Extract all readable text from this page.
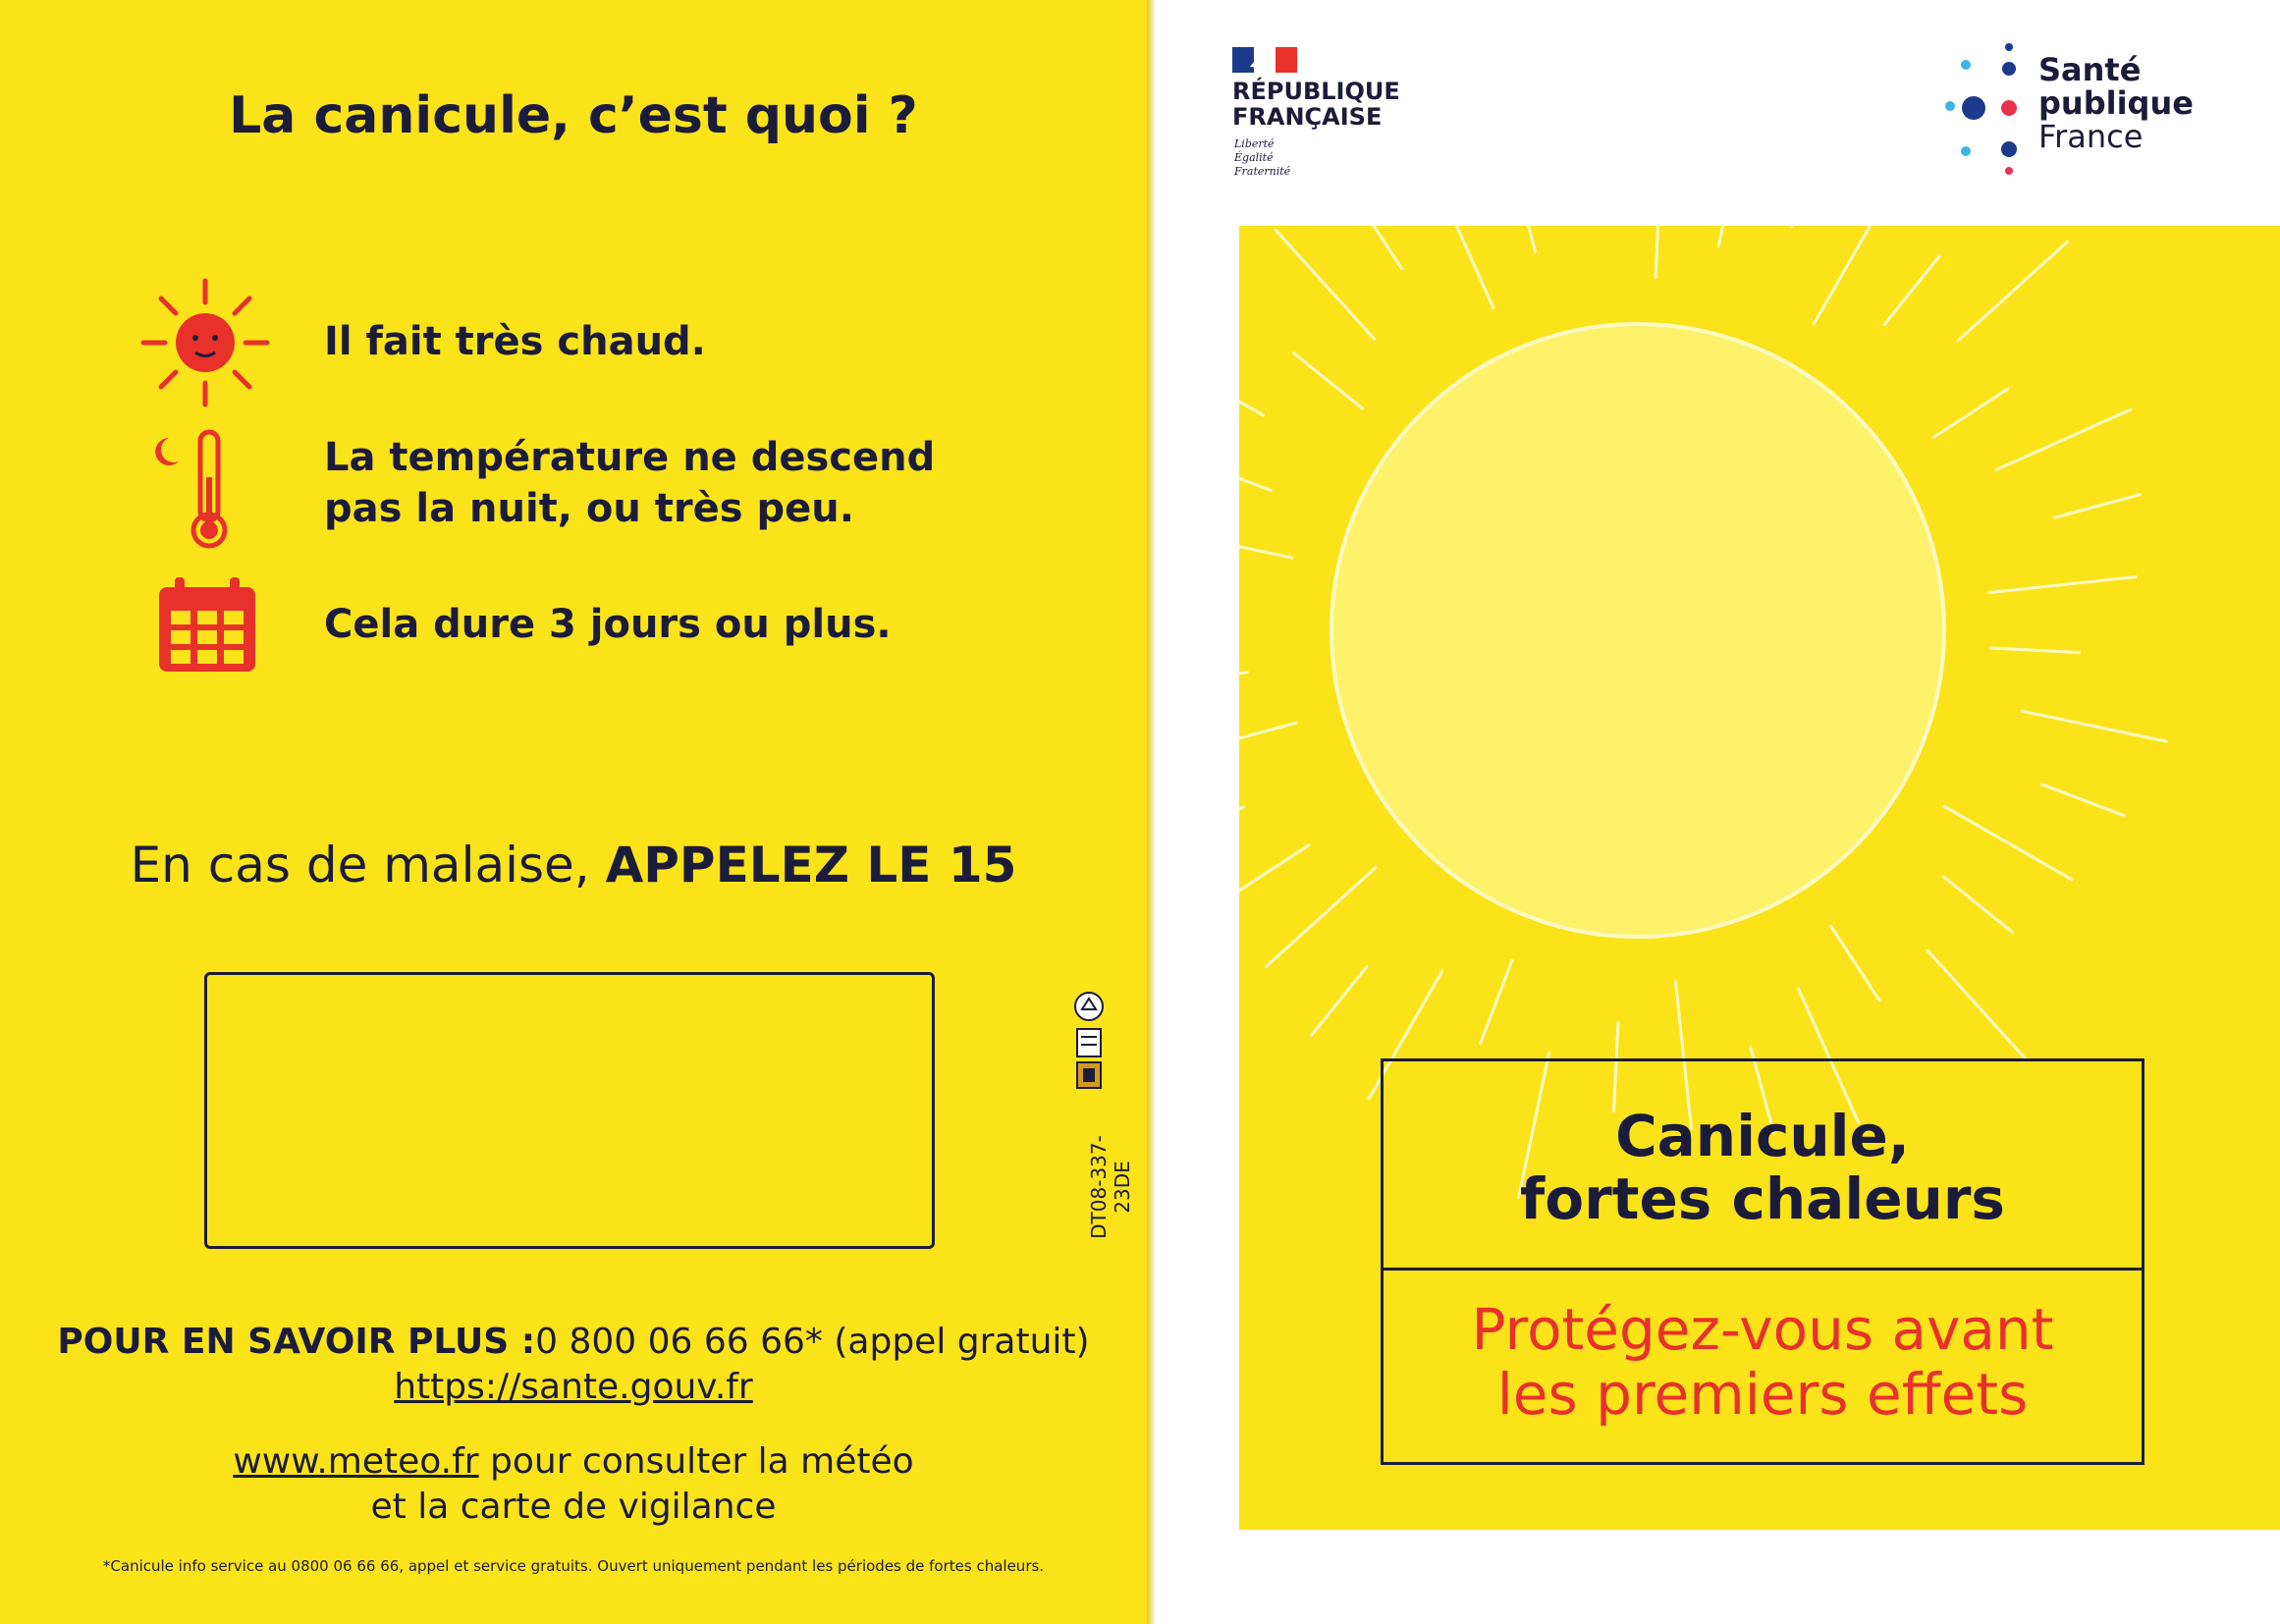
La canicule, c’est quoi ?
Il fait très chaud.
La température ne descend
pas la nuit, ou très peu.
Cela dure 3 jours ou plus.
En cas de malaise, APPELEZ LE 15
DT08-337-23DE
POUR EN SAVOIR PLUS :0 800 06 66 66* (appel gratuit)
https://sante.gouv.fr
www.meteo.fr pour consulter la météo
et la carte de vigilance
*Canicule info service au 0800 06 66 66, appel et service gratuits. Ouvert uniquement pendant les périodes de fortes chaleurs.
RÉPUBLIQUE
FRANÇAISE
Liberté
Égalité
Fraternité
Santé
publique
France
Canicule,
fortes chaleurs
Protégez-vous avant
les premiers effets
